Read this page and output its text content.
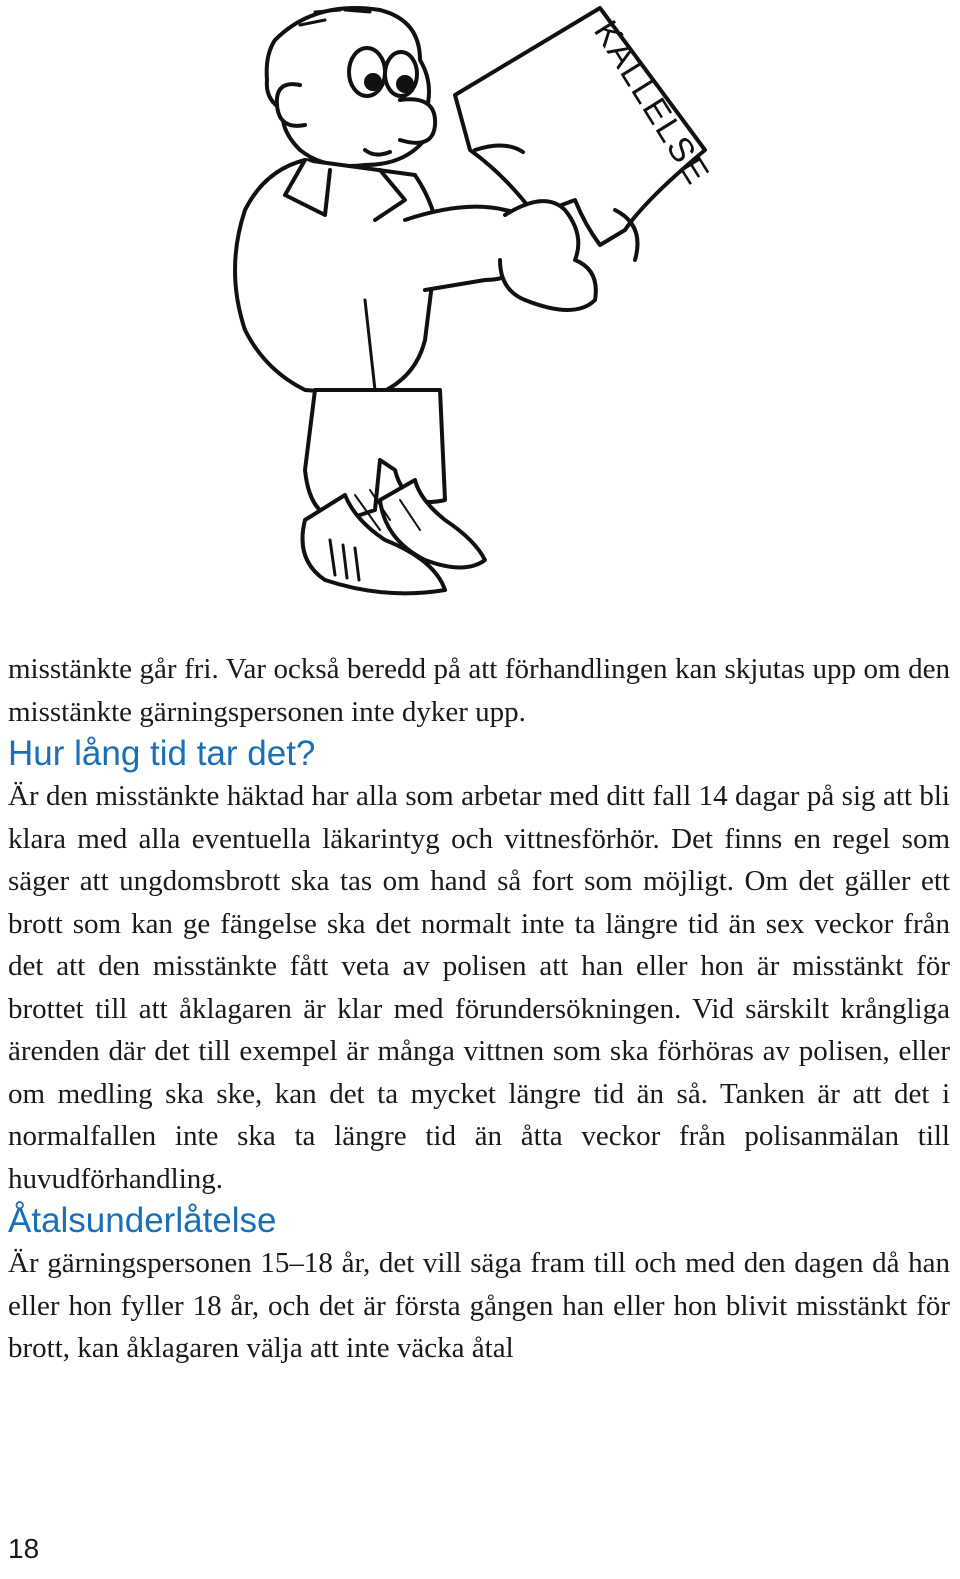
KALLELSE

misstänkte går fri. Var också beredd på att förhandlingen kan skjutas upp om den misstänkte gärningspersonen inte dyker upp.

Hur lång tid tar det?

Är den misstänkte häktad har alla som arbetar med ditt fall 14 dagar på sig att bli klara med alla eventuella läkarintyg och vittnesförhör. Det finns en regel som säger att ungdomsbrott ska tas om hand så fort som möjligt. Om det gäller ett brott som kan ge fängelse ska det normalt inte ta längre tid än sex veckor från det att den misstänkte fått veta av polisen att han eller hon är misstänkt för brottet till att åklagaren är klar med förundersökningen. Vid särskilt krångliga ärenden där det till exempel är många vittnen som ska förhöras av polisen, eller om medling ska ske, kan det ta mycket längre tid än så. Tanken är att det i normalfallen inte ska ta längre tid än åtta veckor från polisanmälan till huvudförhandling.

Åtalsunderlåtelse

Är gärningspersonen 15–18 år, det vill säga fram till och med den dagen då han eller hon fyller 18 år, och det är första gången han eller hon blivit misstänkt för brott, kan åklagaren välja att inte väcka åtal

18
